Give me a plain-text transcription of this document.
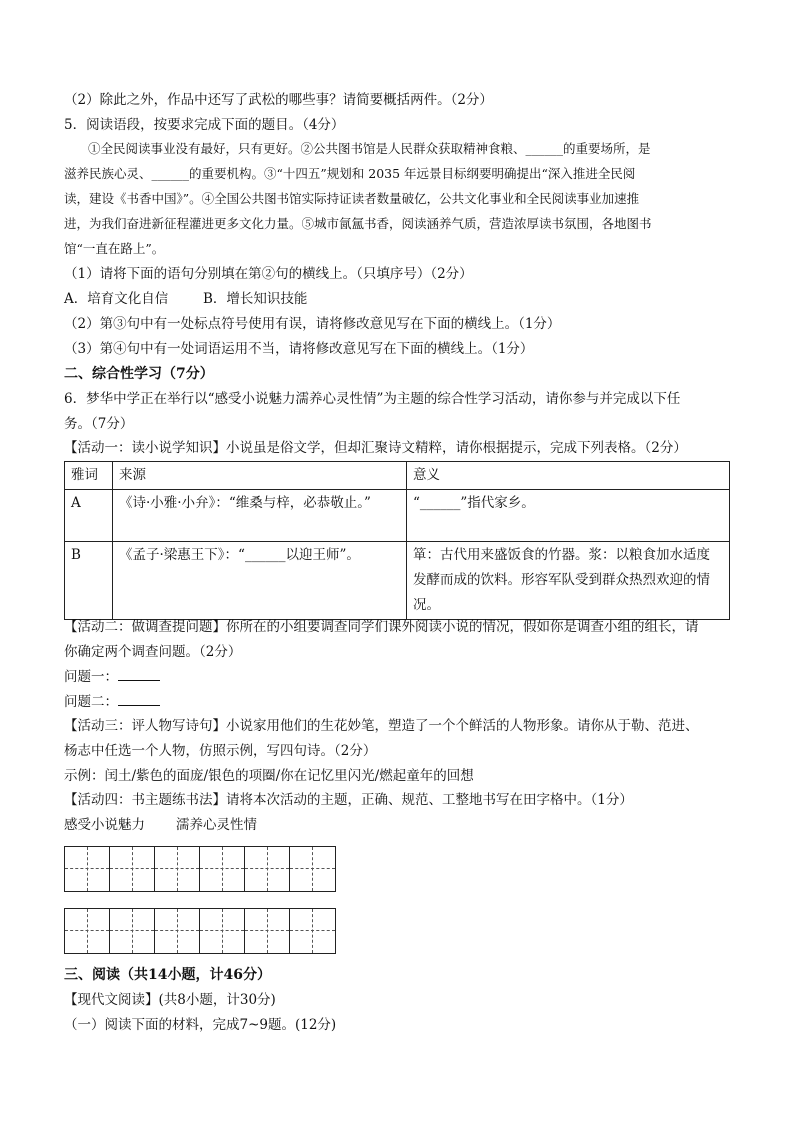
（2）除此之外，作品中还写了武松的哪些事？请简要概括两件。（2分）
5．阅读语段，按要求完成下面的题目。（4分）
①全民阅读事业没有最好，只有更好。②公共图书馆是人民群众获取精神食粮、______的重要场所，是
滋养民族心灵、______的重要机构。③“十四五”规划和 2035 年远景目标纲要明确提出“深入推进全民阅
读，建设《书香中国》”。④全国公共图书馆实际持证读者数量破亿，公共文化事业和全民阅读事业加速推
进，为我们奋进新征程灌进更多文化力量。⑤城市氤氲书香，阅读涵养气质，营造浓厚读书氛围，各地图书
馆“一直在路上”。
（1）请将下面的语句分别填在第②句的横线上。（只填序号）（2分）
A．培育文化自信	B．增长知识技能
（2）第③句中有一处标点符号使用有误，请将修改意见写在下面的横线上。（1分）
（3）第④句中有一处词语运用不当，请将修改意见写在下面的横线上。（1分）
二、综合性学习（7分）
6．梦华中学正在举行以“感受小说魅力濡养心灵性情”为主题的综合性学习活动，请你参与并完成以下任
务。（7分）
【活动一：读小说学知识】小说虽是俗文学，但却汇聚诗文精粹，请你根据提示，完成下列表格。（2分）
雅词	来源	意义
A	《诗·小雅·小弁》：“维桑与梓，必恭敬止。”	“______”指代家乡。
B	《孟子·梁惠王下》：“______以迎王师”。	箪：古代用来盛饭食的竹器。浆：以粮食加水适度发酵而成的饮料。形容军队受到群众热烈欢迎的情况。
【活动二：做调查提问题】你所在的小组要调查同学们课外阅读小说的情况，假如你是调查小组的组长，请
你确定两个调查问题。（2分）
问题一：
问题二：
【活动三：评人物写诗句】小说家用他们的生花妙笔，塑造了一个个鲜活的人物形象。请你从于勒、范进、
杨志中任选一个人物，仿照示例，写四句诗。（2分）
示例：闰土/紫色的面庞/银色的项圈/你在记忆里闪光/燃起童年的回想
【活动四：书主题练书法】请将本次活动的主题，正确、规范、工整地书写在田字格中。（1分）
感受小说魅力 濡养心灵性情
三、阅读（共14小题，计46分）
【现代文阅读】(共8小题，计30分)
（一）阅读下面的材料，完成7~9题。(12分)
